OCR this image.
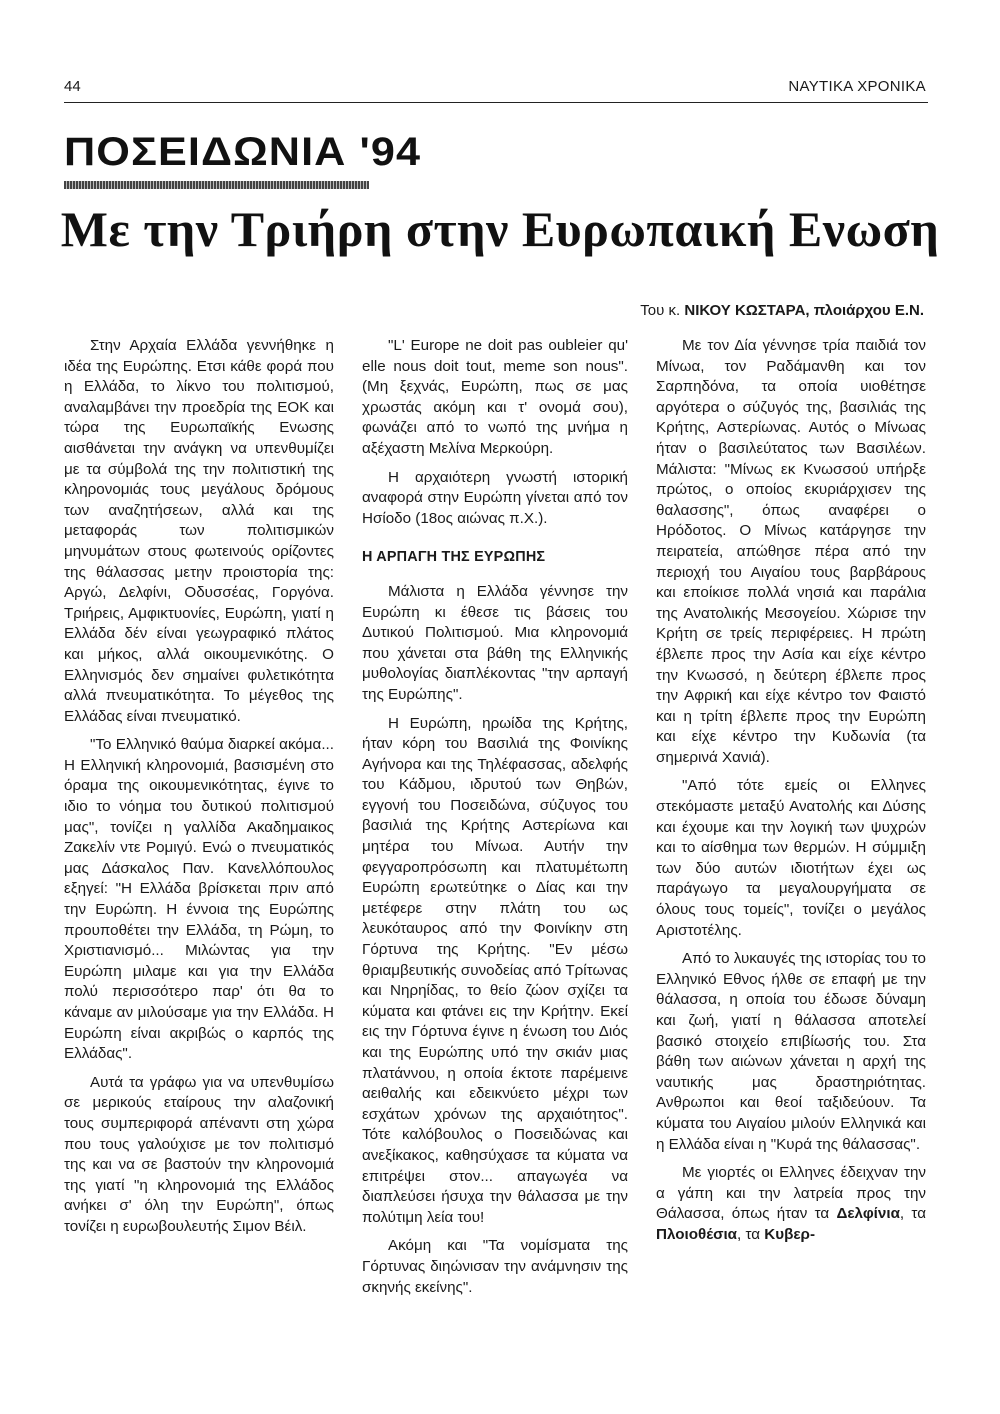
44	ΝΑΥΤΙΚΑ ΧΡΟΝΙΚΑ
ΠΟΣΕΙΔΩΝΙΑ '94
Με την Τριήρη στην Ευρωπαική Ενωση
Του κ. ΝΙΚΟΥ ΚΩΣΤΑΡΑ, πλοιάρχου Ε.Ν.

Στην Αρχαία Ελλάδα γεννήθηκε η ιδέα της Ευρώπης. Ετσι κάθε φορά που η Ελλάδα, το λίκνο του πολιτισμού, αναλαμβάνει την προεδρία της ΕΟΚ και τώρα της Ευρωπαϊκής Ενωσης αισθάνεται την ανάγκη να υπενθυμίζει με τα σύμβολά της την πολιτιστική της κληρονομιάς τους μεγάλους δρόμους των αναζητήσεων, αλλά και της μεταφοράς των πολιτισμικών μηνυμάτων στους φωτεινούς ορίζοντες της θάλασσας μετην προιστορία της: Αργώ, Δελφίνι, Οδυσσέας, Γοργόνα. Τριήρεις, Αμφικτυονίες, Ευρώπη, γιατί η Ελλάδα δέν είναι γεωγραφικό πλάτος και μήκος, αλλά οικουμενικότης. Ο Ελληνισμός δεν σημαίνει φυλετικότητα αλλά πνευματικότητα. Το μέγεθος της Ελλάδας είναι πνευματικό.

"Το Ελληνικό θαύμα διαρκεί ακόμα... Η Ελληνική κληρονομιά, βασισμένη στο όραμα της οικουμενικότητας, έγινε το ιδιο το νόημα του δυτικού πολιτισμού μας", τονίζει η γαλλίδα Ακαδημαικος Ζακελίν ντε Ρομιγύ. Ενώ ο πνευματικός μας Δάσκαλος Παν. Κανελλόπουλος εξηγεί: "Η Ελλάδα βρίσκεται πριν από την Ευρώπη. Η έννοια της Ευρώπης προυποθέτει την Ελλάδα, τη Ρώμη, το Χριστιανισμό... Μιλώντας για την Ευρώπη μιλαμε και για την Ελλάδα πολύ περισσότερο παρ' ότι θα το κάναμε αν μιλούσαμε για την Ελλάδα. Η Ευρώπη είναι ακριβώς ο καρπός της Ελλάδας".

Αυτά τα γράφω για να υπενθυμίσω σε μερικούς εταίρους την αλαζονική τους συμπεριφορά απέναντι στη χώρα που τους γαλούχισε με τον πολιτισμό της και να σε βαστούν την κληρονομιά της γιατί "η κληρονομιά της Ελλάδος ανήκει σ' όλη την Ευρώπη", όπως τονίζει η ευρωβουλευτής Σιμον Βέιλ.

"L' Europe ne doit pas oubleier qu' elle nous doit tout, meme son nous". (Μη ξεχνάς, Ευρώπη, πως σε μας χρωστάς ακόμη και τ' ονομά σου), φωνάζει από το νωπό της μνήμα η αξέχαστη Μελίνα Μερκούρη.

Η αρχαιότερη γνωστή ιστορική αναφορά στην Ευρώπη γίνεται από τον Ησίοδο (18ος αιώνας π.Χ.).

Η ΑΡΠΑΓΗ ΤΗΣ ΕΥΡΩΠΗΣ

Μάλιστα η Ελλάδα γέννησε την Ευρώπη κι έθεσε τις βάσεις του Δυτικού Πολιτισμού. Μια κληρονομιά που χάνεται στα βάθη της Ελληνικής μυθολογίας διαπλέκοντας "την αρπαγή της Ευρώπης".

Η Ευρώπη, ηρωίδα της Κρήτης, ήταν κόρη του Βασιλιά της Φοινίκης Αγήνορα και της Τηλέφασσας, αδελφής του Κάδμου, ιδρυτού των Θηβών, εγγονή του Ποσειδώνα, σύζυγος του βασιλιά της Κρήτης Αστερίωνα και μητέρα του Μίνωα. Αυτήν την φεγγαροπρόσωπη και πλατυμέτωπη Ευρώπη ερωτεύτηκε ο Δίας και την μετέφερε στην πλάτη του ως λευκόταυρος από την Φοινίκην στη Γόρτυνα της Κρήτης. "Εν μέσω θριαμβευτικής συνοδείας από Τρίτωνας και Νηρηίδας, το θείο ζώον σχίζει τα κύματα και φτάνει εις την Κρήτην. Εκεί εις την Γόρτυνα έγινε η ένωση του Διός και της Ευρώπης υπό την σκιάν μιας πλατάννου, η οποία έκτοτε παρέμεινε αειθαλής και εδεικνύετο μέχρι των εσχάτων χρόνων της αρχαιότητος". Τότε καλόβουλος ο Ποσειδώνας και ανεξίκακος, καθησύχασε τα κύματα να επιτρέψει στον... απαγωγέα να διαπλεύσει ήσυχα την θάλασσα με την πολύτιμη λεία του!

Ακόμη και "Τα νομίσματα της Γόρτυνας διηώνισαν την ανάμνησιν της σκηνής εκείνης".

Με τον Δία γέννησε τρία παιδιά τον Μίνωα, τον Ραδάμανθη και τον Σαρπηδόνα, τα οποία υιοθέτησε αργότερα ο σύζυγός της, βασιλιάς της Κρήτης, Αστερίωνας. Αυτός ο Μίνωας ήταν ο βασιλεύτατος των Βασιλέων. Μάλιστα: "Μίνως εκ Κνωσσού υπήρξε πρώτος, ο οποίος εκυριάρχισεν της θαλασσης", όπως αναφέρει ο Ηρόδοτος. Ο Μίνως κατάργησε την πειρατεία, απώθησε πέρα από την περιοχή του Αιγαίου τους βαρβάρους και εποίκισε πολλά νησιά και παράλια της Ανατολικής Μεσογείου. Χώρισε την Κρήτη σε τρείς περιφέρειες. Η πρώτη έβλεπε προς την Ασία και είχε κέντρο την Κνωσσό, η δεύτερη έβλεπε προς την Αφρική και είχε κέντρο τον Φαιστό και η τρίτη έβλεπε προς την Ευρώπη και είχε κέντρο την Κυδωνία (τα σημερινά Χανιά).

"Από τότε εμείς οι Ελληνες στεκόμαστε μεταξύ Ανατολής και Δύσης και έχουμε και την λογική των ψυχρών και το αίσθημα των θερμών. Η σύμμιξη των δύο αυτών ιδιοτήτων έχει ως παράγωγο τα μεγαλουργήματα σε όλους τους τομείς", τονίζει ο μεγάλος Αριστοτέλης.

Από το λυκαυγές της ιστορίας του το Ελληνικό Εθνος ήλθε σε επαφή με την θάλασσα, η οποία του έδωσε δύναμη και ζωή, γιατί η θάλασσα αποτελεί βασικό στοιχείο επιβίωσής του. Στα βάθη των αιώνων χάνεται η αρχή της ναυτικής μας δραστηριότητας. Ανθρωποι και θεοί ταξιδεύουν. Τα κύματα του Αιγαίου μιλούν Ελληνικά και η Ελλάδα είναι η "Κυρά της θάλασσας".

Με γιορτές οι Ελληνες έδειχναν την α γάπη και την λατρεία προς την Θάλασσα, όπως ήταν τα Δελφίνια, τα Πλοιοθέσια, τα Κυβερ-
